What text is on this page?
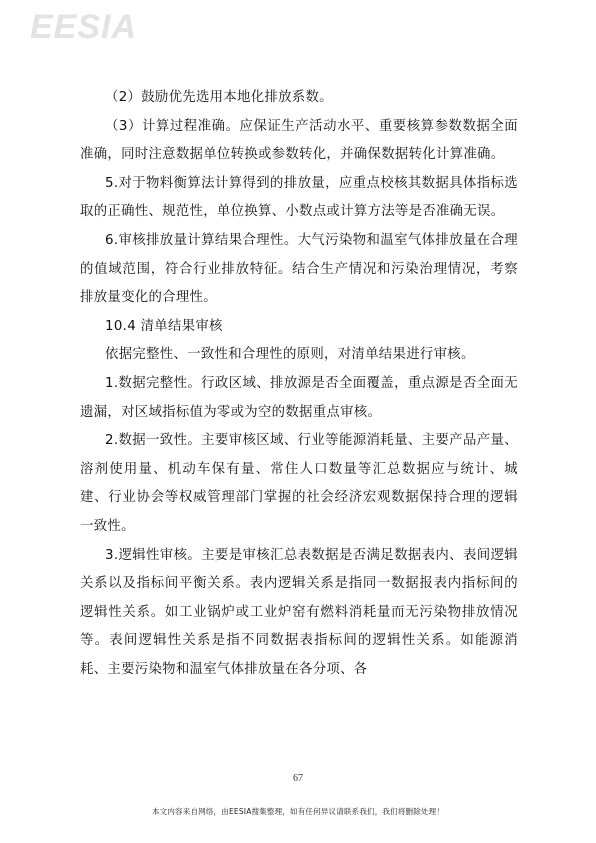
EESIA

（2）鼓励优先选用本地化排放系数。

（3）计算过程准确。应保证生产活动水平、重要核算参数数据全面准确，同时注意数据单位转换或参数转化，并确保数据转化计算准确。

5.对于物料衡算法计算得到的排放量，应重点校核其数据具体指标选取的正确性、规范性，单位换算、小数点或计算方法等是否准确无误。

6.审核排放量计算结果合理性。大气污染物和温室气体排放量在合理的值域范围，符合行业排放特征。结合生产情况和污染治理情况，考察排放量变化的合理性。

10.4 清单结果审核

依据完整性、一致性和合理性的原则，对清单结果进行审核。

1.数据完整性。行政区域、排放源是否全面覆盖，重点源是否全面无遗漏，对区域指标值为零或为空的数据重点审核。

2.数据一致性。主要审核区域、行业等能源消耗量、主要产品产量、溶剂使用量、机动车保有量、常住人口数量等汇总数据应与统计、城建、行业协会等权威管理部门掌握的社会经济宏观数据保持合理的逻辑一致性。

3.逻辑性审核。主要是审核汇总表数据是否满足数据表内、表间逻辑关系以及指标间平衡关系。表内逻辑关系是指同一数据报表内指标间的逻辑性关系。如工业锅炉或工业炉窑有燃料消耗量而无污染物排放情况等。表间逻辑性关系是指不同数据表指标间的逻辑性关系。如能源消耗、主要污染物和温室气体排放量在各分项、各

67
本文内容来自网络，由EESIA搜集整理，如有任何异议请联系我们，我们将删除处理！
